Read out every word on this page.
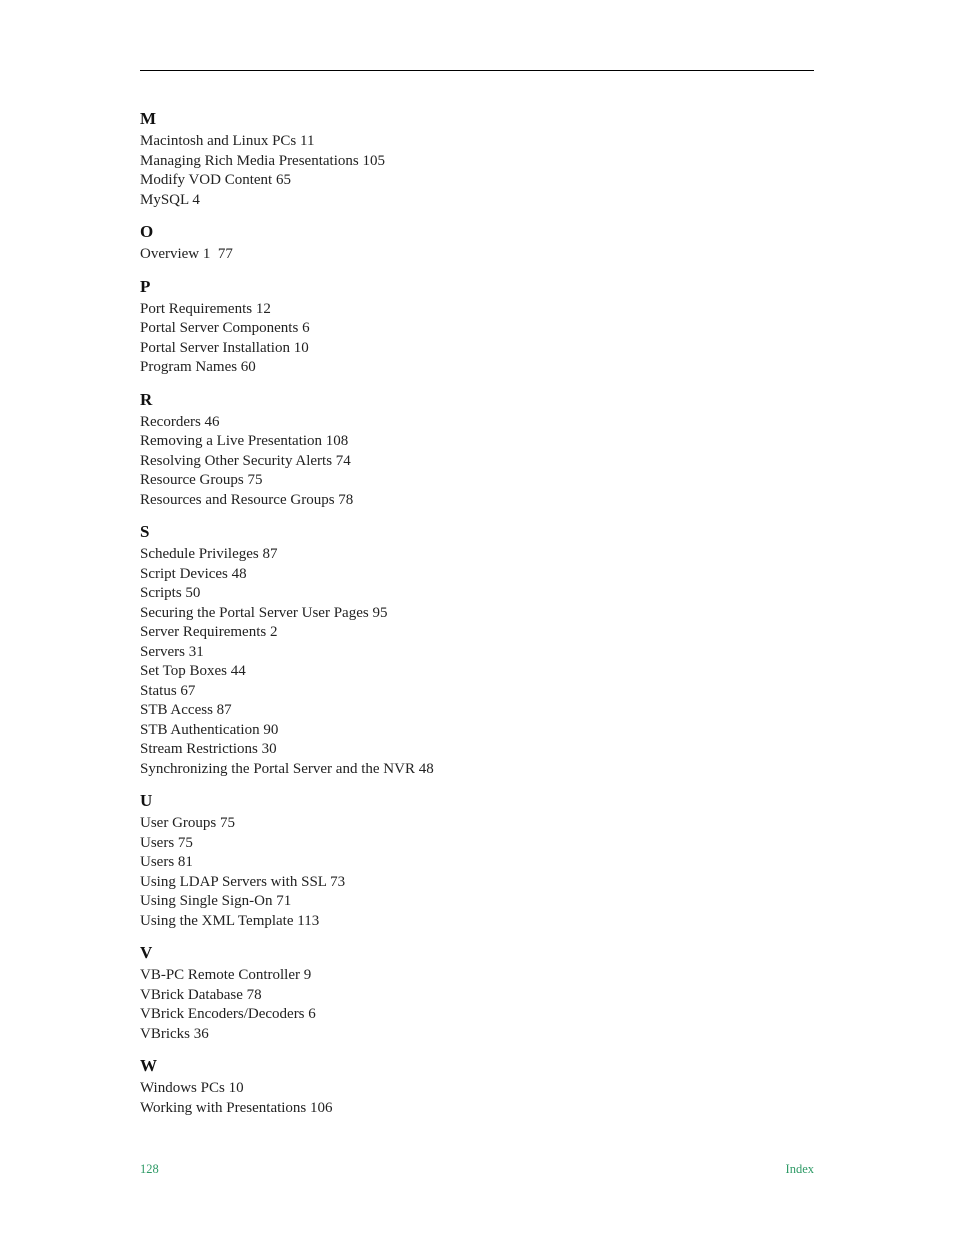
M
Macintosh and Linux PCs 11
Managing Rich Media Presentations 105
Modify VOD Content 65
MySQL 4
O
Overview 1  77
P
Port Requirements 12
Portal Server Components 6
Portal Server Installation 10
Program Names 60
R
Recorders 46
Removing a Live Presentation 108
Resolving Other Security Alerts 74
Resource Groups 75
Resources and Resource Groups 78
S
Schedule Privileges 87
Script Devices 48
Scripts 50
Securing the Portal Server User Pages 95
Server Requirements 2
Servers 31
Set Top Boxes 44
Status 67
STB Access 87
STB Authentication 90
Stream Restrictions 30
Synchronizing the Portal Server and the NVR 48
U
User Groups 75
Users 75
Users 81
Using LDAP Servers with SSL 73
Using Single Sign-On 71
Using the XML Template 113
V
VB-PC Remote Controller 9
VBrick Database 78
VBrick Encoders/Decoders 6
VBricks 36
W
Windows PCs 10
Working with Presentations 106
128	Index
